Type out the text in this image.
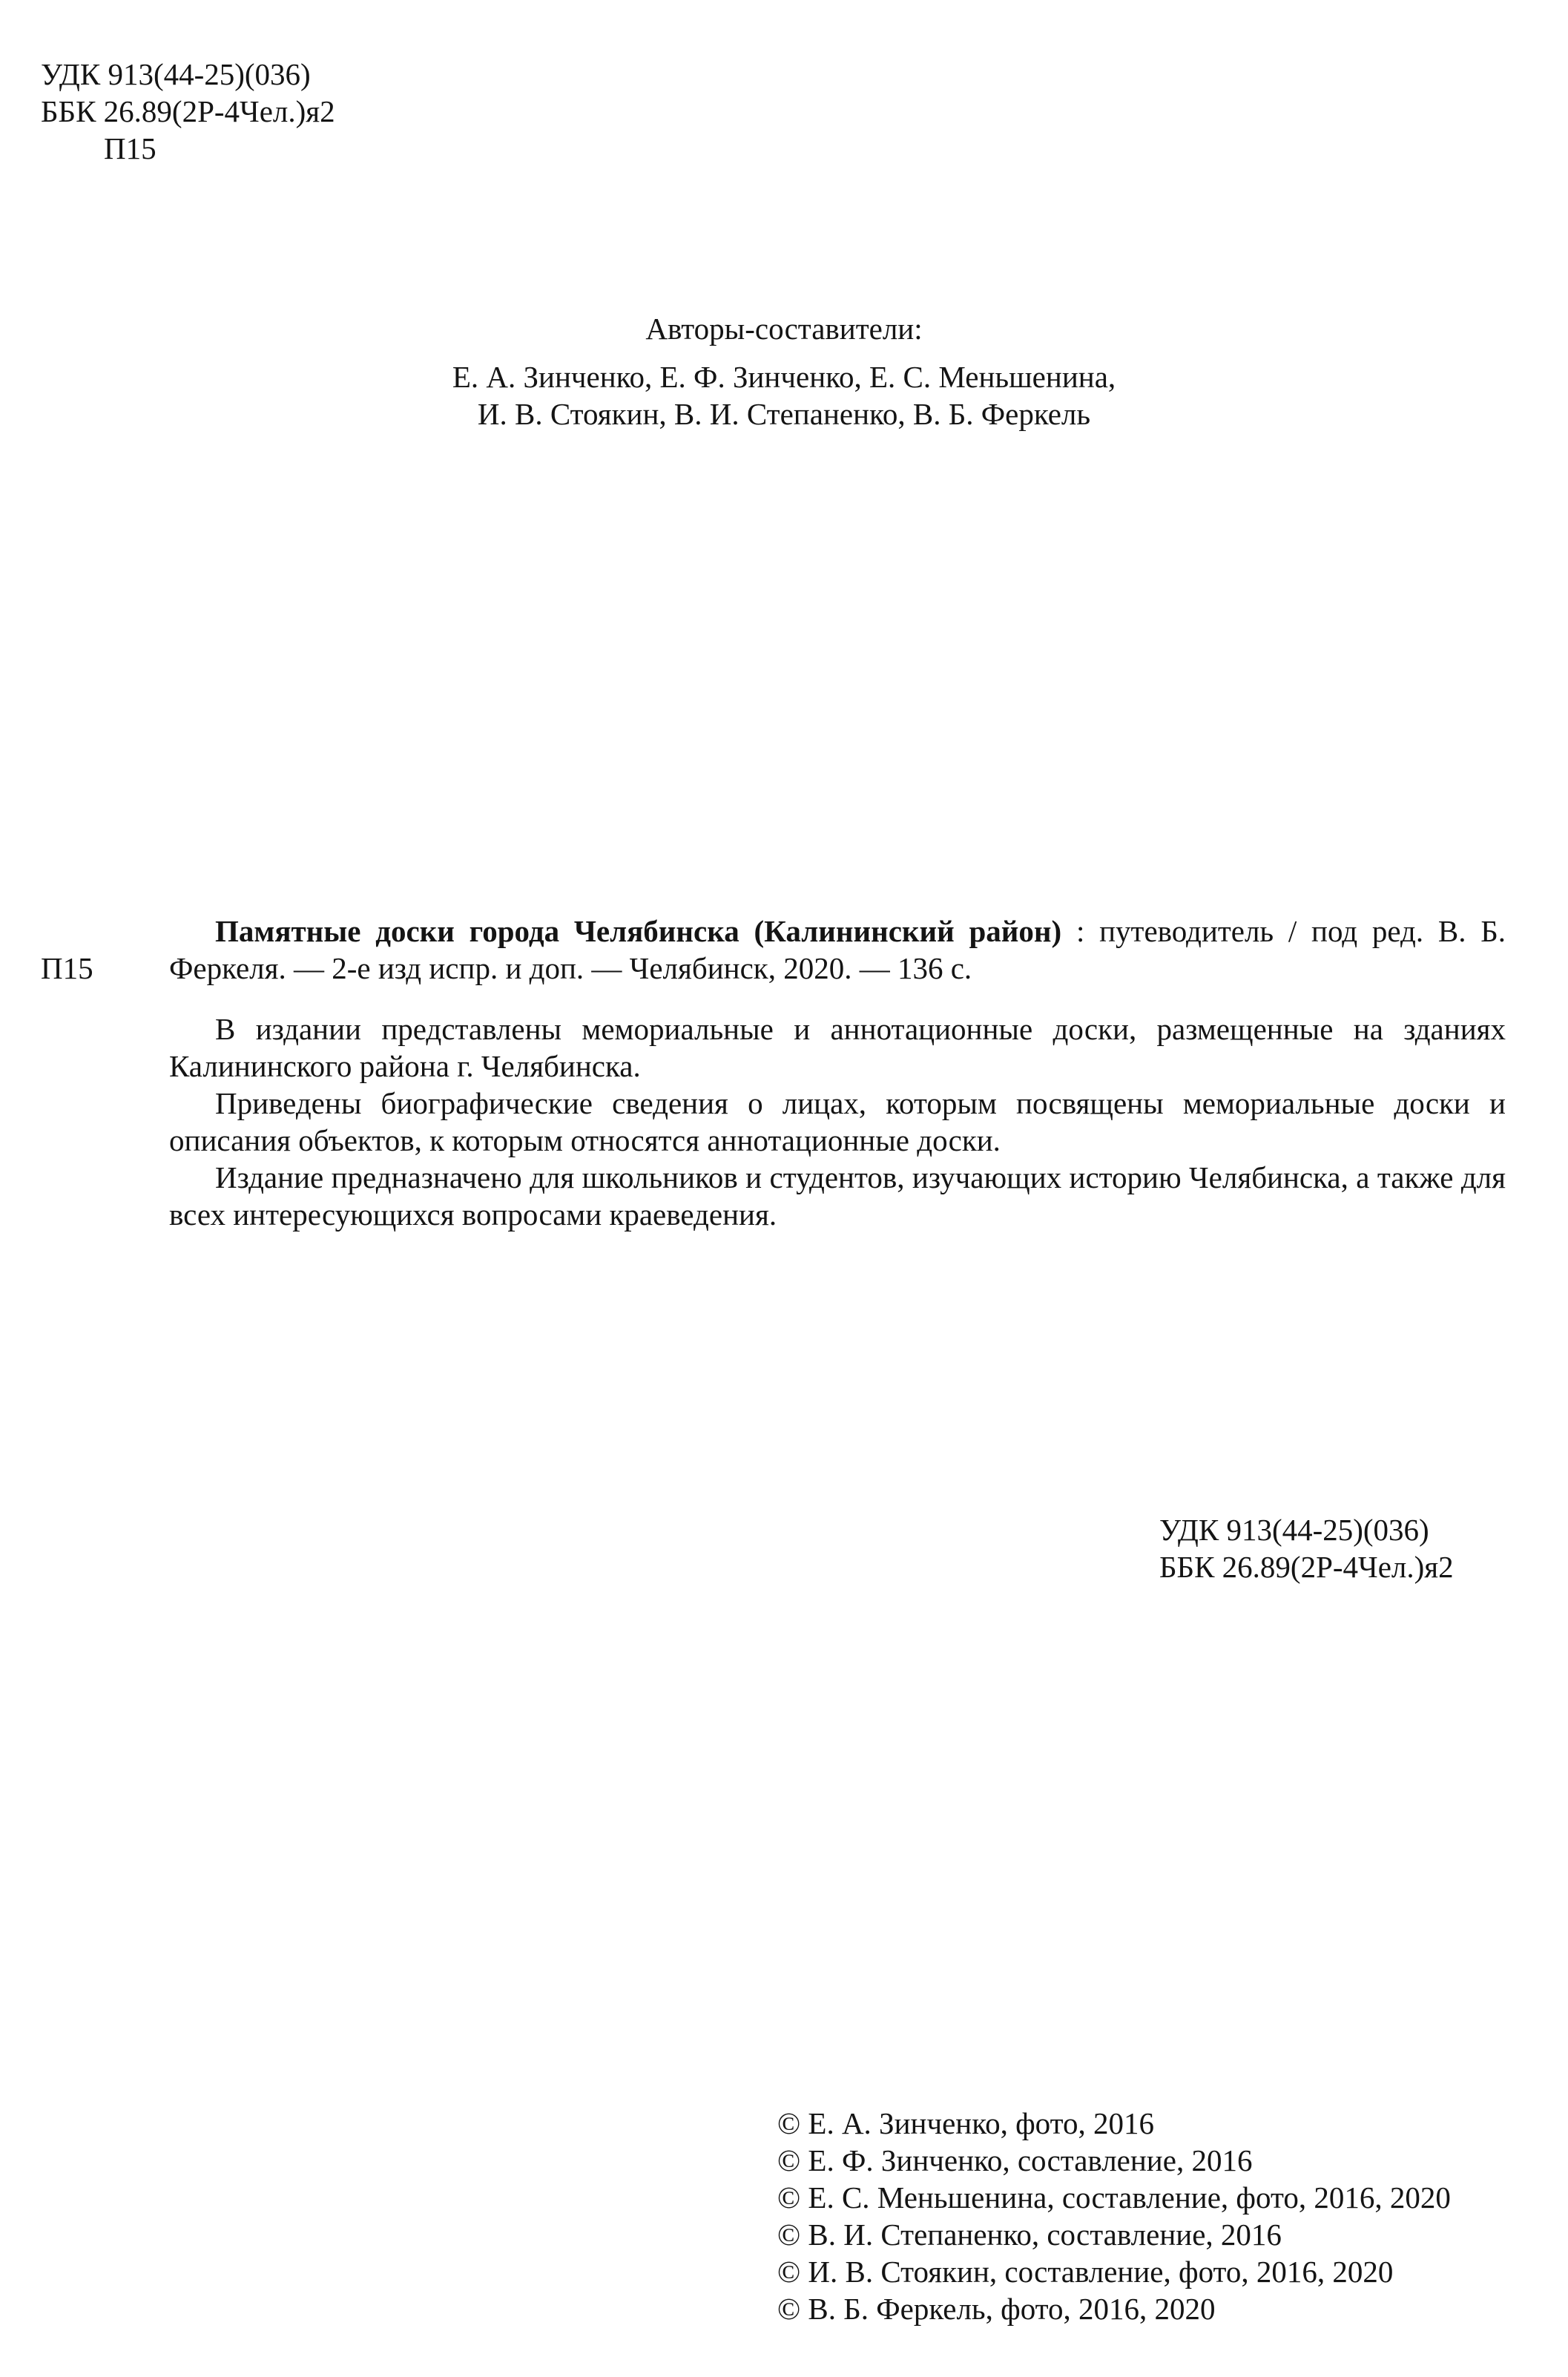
УДК 913(44-25)(036)
ББК 26.89(2Р-4Чел.)я2
П15
Авторы-составители:
Е. А. Зинченко, Е. Ф. Зинченко, Е. С. Меньшенина,
И. В. Стоякин, В. И. Степаненко, В. Б. Феркель
П15

Памятные доски города Челябинска (Калининский район) : путеводитель / под ред. В. Б. Феркеля. — 2-е изд испр. и доп. — Челябинск, 2020. — 136 с.

В издании представлены мемориальные и аннотационные доски, размещенные на зданиях Калининского района г. Челябинска.

Приведены биографические сведения о лицах, которым посвящены мемориальные доски и описания объектов, к которым относятся аннотационные доски.

Издание предназначено для школьников и студентов, изучающих историю Челябинска, а также для всех интересующихся вопросами краеведения.

УДК 913(44-25)(036)
ББК 26.89(2Р-4Чел.)я2
© Е. А. Зинченко, фото, 2016
© Е. Ф. Зинченко, составление, 2016
© Е. С. Меньшенина, составление, фото, 2016, 2020
© В. И. Степаненко, составление, 2016
© И. В. Стоякин, составление, фото, 2016, 2020
© В. Б. Феркель, фото, 2016, 2020
